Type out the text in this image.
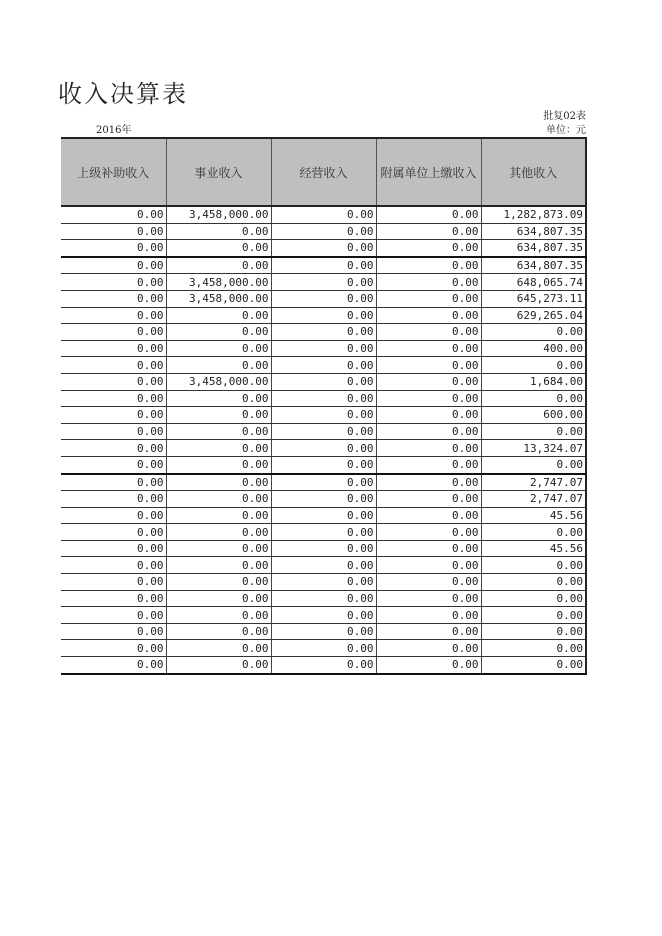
收入决算表
2016年
批复02表
单位：元
上级补助收入	事业收入	经营收入	附属单位上缴收入	其他收入
0.00	3,458,000.00	0.00	0.00	1,282,873.09
0.00	0.00	0.00	0.00	634,807.35
0.00	0.00	0.00	0.00	634,807.35
0.00	0.00	0.00	0.00	634,807.35
0.00	3,458,000.00	0.00	0.00	648,065.74
0.00	3,458,000.00	0.00	0.00	645,273.11
0.00	0.00	0.00	0.00	629,265.04
0.00	0.00	0.00	0.00	0.00
0.00	0.00	0.00	0.00	400.00
0.00	0.00	0.00	0.00	0.00
0.00	3,458,000.00	0.00	0.00	1,684.00
0.00	0.00	0.00	0.00	0.00
0.00	0.00	0.00	0.00	600.00
0.00	0.00	0.00	0.00	0.00
0.00	0.00	0.00	0.00	13,324.07
0.00	0.00	0.00	0.00	0.00
0.00	0.00	0.00	0.00	2,747.07
0.00	0.00	0.00	0.00	2,747.07
0.00	0.00	0.00	0.00	45.56
0.00	0.00	0.00	0.00	0.00
0.00	0.00	0.00	0.00	45.56
0.00	0.00	0.00	0.00	0.00
0.00	0.00	0.00	0.00	0.00
0.00	0.00	0.00	0.00	0.00
0.00	0.00	0.00	0.00	0.00
0.00	0.00	0.00	0.00	0.00
0.00	0.00	0.00	0.00	0.00
0.00	0.00	0.00	0.00	0.00
